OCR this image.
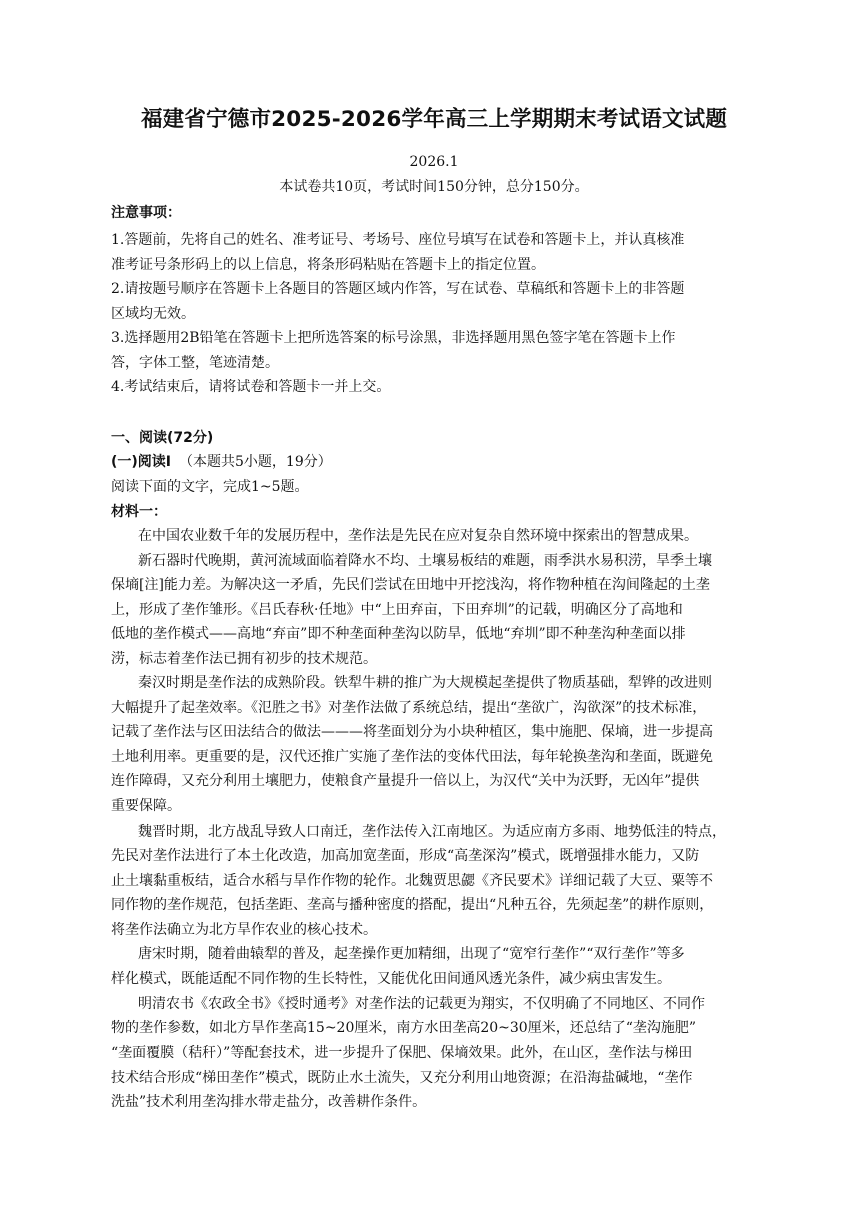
福建省宁德市2025-2026学年高三上学期期末考试语文试题
2026.1
本试卷共10页，考试时间150分钟，总分150分。
注意事项：
1.答题前，先将自己的姓名、准考证号、考场号、座位号填写在试卷和答题卡上，并认真核准
准考证号条形码上的以上信息，将条形码粘贴在答题卡上的指定位置。
2.请按题号顺序在答题卡上各题目的答题区域内作答，写在试卷、草稿纸和答题卡上的非答题
区域均无效。
3.选择题用2B铅笔在答题卡上把所选答案的标号涂黑，非选择题用黑色签字笔在答题卡上作
答，字体工整，笔迹清楚。
4.考试结束后，请将试卷和答题卡一并上交。
一、阅读(72分)
(一)阅读Ⅰ （本题共5小题，19分）
阅读下面的文字，完成1~5题。
材料一：
在中国农业数千年的发展历程中，垄作法是先民在应对复杂自然环境中探索出的智慧成果。
新石器时代晚期，黄河流域面临着降水不均、土壤易板结的难题，雨季洪水易积涝，旱季土壤
保墒[注]能力差。为解决这一矛盾，先民们尝试在田地中开挖浅沟，将作物种植在沟间隆起的土垄
上，形成了垄作雏形。《吕氏春秋·任地》中“上田弃亩，下田弃圳”的记载，明确区分了高地和
低地的垄作模式——高地“弃亩”即不种垄面种垄沟以防旱，低地“弃圳”即不种垄沟种垄面以排
涝，标志着垄作法已拥有初步的技术规范。
秦汉时期是垄作法的成熟阶段。铁犁牛耕的推广为大规模起垄提供了物质基础，犁铧的改进则
大幅提升了起垄效率。《氾胜之书》对垄作法做了系统总结，提出“垄欲广，沟欲深”的技术标准，
记载了垄作法与区田法结合的做法———将垄面划分为小块种植区，集中施肥、保墒，进一步提高
土地利用率。更重要的是，汉代还推广实施了垄作法的变体代田法，每年轮换垄沟和垄面，既避免
连作障碍，又充分利用土壤肥力，使粮食产量提升一倍以上，为汉代“关中为沃野，无凶年”提供
重要保障。
魏晋时期，北方战乱导致人口南迁，垄作法传入江南地区。为适应南方多雨、地势低洼的特点，
先民对垄作法进行了本土化改造，加高加宽垄面，形成“高垄深沟”模式，既增强排水能力，又防
止土壤黏重板结，适合水稻与旱作作物的轮作。北魏贾思勰《齐民要术》详细记载了大豆、粟等不
同作物的垄作规范，包括垄距、垄高与播种密度的搭配，提出“凡种五谷，先须起垄”的耕作原则，
将垄作法确立为北方旱作农业的核心技术。
唐宋时期，随着曲辕犁的普及，起垄操作更加精细，出现了“宽窄行垄作”“双行垄作”等多
样化模式，既能适配不同作物的生长特性，又能优化田间通风透光条件，减少病虫害发生。
明清农书《农政全书》《授时通考》对垄作法的记载更为翔实，不仅明确了不同地区、不同作
物的垄作参数，如北方旱作垄高15~20厘米，南方水田垄高20~30厘米，还总结了“垄沟施肥”
“垄面覆膜（秸秆）”等配套技术，进一步提升了保肥、保墒效果。此外，在山区，垄作法与梯田
技术结合形成“梯田垄作”模式，既防止水土流失，又充分利用山地资源；在沿海盐碱地，“垄作
洗盐”技术利用垄沟排水带走盐分，改善耕作条件。
